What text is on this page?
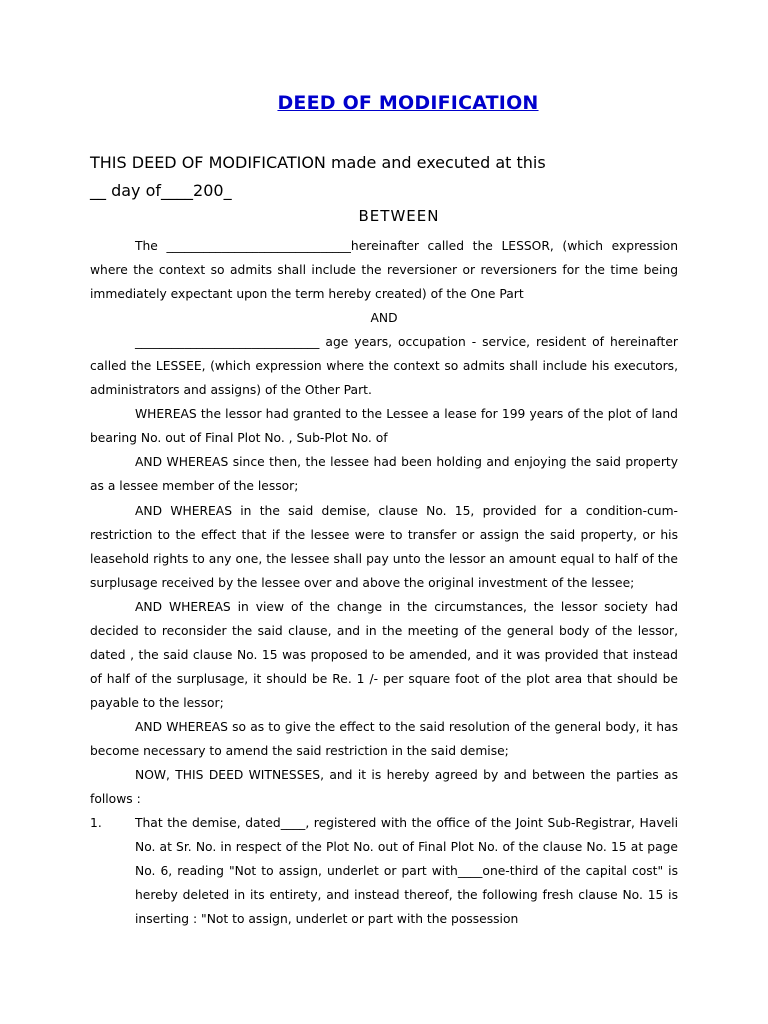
DEED OF MODIFICATION
THIS DEED OF MODIFICATION made and executed at this
__ day of____200_
BETWEEN

The ______________________________hereinafter called the LESSOR, (which expression where the context so admits shall include the reversioner or reversioners for the time being immediately expectant upon the term hereby created) of the One Part

AND

______________________________ age years, occupation - service, resident of hereinafter called the LESSEE, (which expression where the context so admits shall include his executors, administrators and assigns) of the Other Part.

WHEREAS the lessor had granted to the Lessee a lease for 199 years of the plot of land bearing No. out of Final Plot No. , Sub-Plot No. of

AND WHEREAS since then, the lessee had been holding and enjoying the said property as a lessee member of the lessor;

AND WHEREAS in the said demise, clause No. 15, provided for a condition-cum-restriction to the effect that if the lessee were to transfer or assign the said property, or his leasehold rights to any one, the lessee shall pay unto the lessor an amount equal to half of the surplusage received by the lessee over and above the original investment of the lessee;

AND WHEREAS in view of the change in the circumstances, the lessor society had decided to reconsider the said clause, and in the meeting of the general body of the lessor, dated , the said clause No. 15 was proposed to be amended, and it was provided that instead of half of the surplusage, it should be Re. 1 /- per square foot of the plot area that should be payable to the lessor;

AND WHEREAS so as to give the effect to the said resolution of the general body, it has become necessary to amend the said restriction in the said demise;

NOW, THIS DEED WITNESSES, and it is hereby agreed by and between the parties as follows :

1.	That the demise, dated____, registered with the office of the Joint Sub-Registrar, Haveli No. at Sr. No. in respect of the Plot No. out of Final Plot No. of the clause No. 15 at page No. 6, reading "Not to assign, underlet or part with____one-third of the capital cost" is hereby deleted in its entirety, and instead thereof, the following fresh clause No. 15 is inserting : "Not to assign, underlet or part with the possession
